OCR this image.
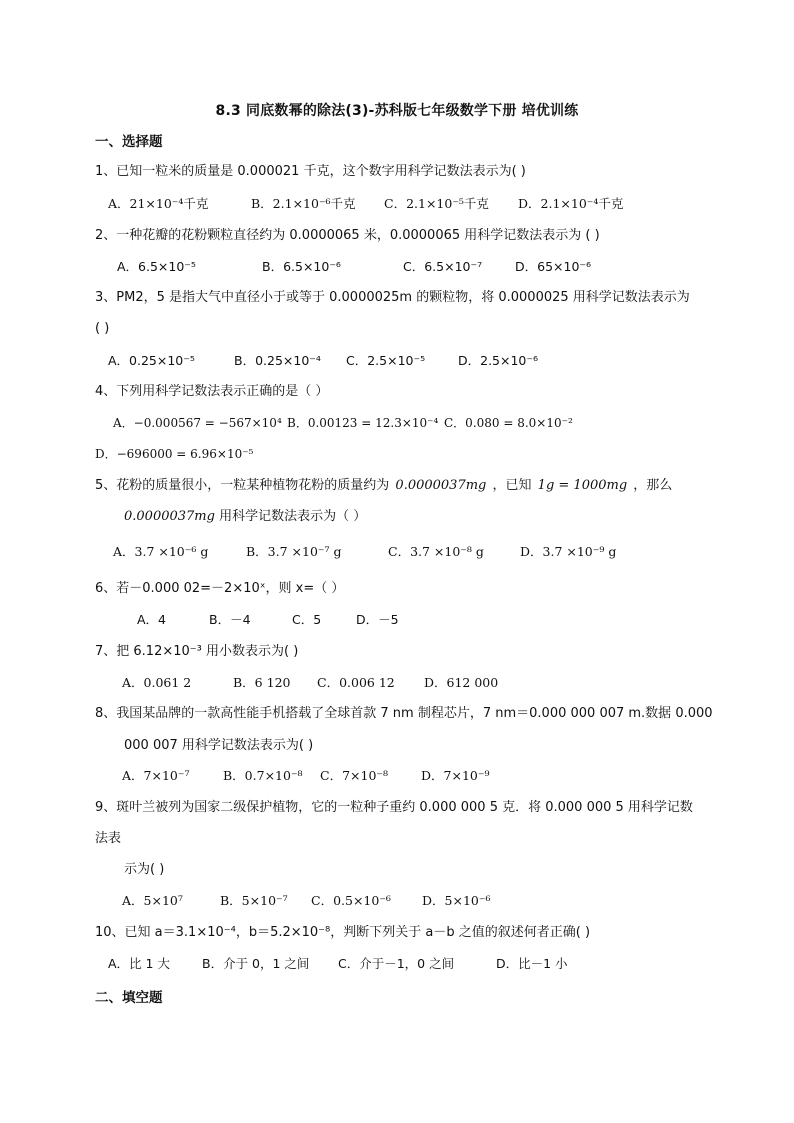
8.3 同底数幂的除法(3)-苏科版七年级数学下册 培优训练
一、选择题
1、已知一粒米的质量是 0.000021 千克，这个数字用科学记数法表示为( )
A．21×10⁻⁴千克	B．2.1×10⁻⁶千克 C．2.1×10⁻⁵千克 D．2.1×10⁻⁴千克
2、一种花瓣的花粉颗粒直径约为 0.0000065 米，0.0000065 用科学记数法表示为 ( )
A．6.5×10⁻⁵	B．6.5×10⁻⁶	C．6.5×10⁻⁷	D．65×10⁻⁶
3、PM2，5 是指大气中直径小于或等于 0.0000025m 的颗粒物，将 0.0000025 用科学记数法表示为
( )
A．0.25×10⁻⁵	B．0.25×10⁻⁴ C．2.5×10⁻⁵	D．2.5×10⁻⁶
4、下列用科学记数法表示正确的是（ ）
A．−0.000567 = −567×10⁴ B．0.00123 = 12.3×10⁻⁴ C．0.080 = 8.0×10⁻²
D．−696000 = 6.96×10⁻⁵
5、花粉的质量很小，一粒某种植物花粉的质量约为 0.0000037mg ，已知 1g = 1000mg ，那么
0.0000037mg 用科学记数法表示为（ ）
A．3.7 ×10⁻⁶ g	B．3.7 ×10⁻⁷ g	C．3.7 ×10⁻⁸ g	D．3.7 ×10⁻⁹ g
6、若－0.000 02=－2×10ˣ，则 x=（ ）
A．4	B．－4	C．5	D．－5
7、把 6.12×10⁻³ 用小数表示为( )
A．0.061 2	B．6 120 C．0.006 12 D．612 000
8、我国某品牌的一款高性能手机搭载了全球首款 7 nm 制程芯片，7 nm＝0.000 000 007 m.数据 0.000
000 007 用科学记数法表示为( )
A．7×10⁻⁷	B．0.7×10⁻⁸ C．7×10⁻⁸	D．7×10⁻⁹
9、斑叶兰被列为国家二级保护植物，它的一粒种子重约 0.000 000 5 克．将 0.000 000 5 用科学记数
法表
示为( )
A．5×10⁷	B．5×10⁻⁷ C．0.5×10⁻⁶ D．5×10⁻⁶
10、已知 a＝3.1×10⁻⁴，b＝5.2×10⁻⁸，判断下列关于 a－b 之值的叙述何者正确( )
A．比 1 大	B．介于 0，1 之间 C．介于－1，0 之间	D．比－1 小
二、填空题
